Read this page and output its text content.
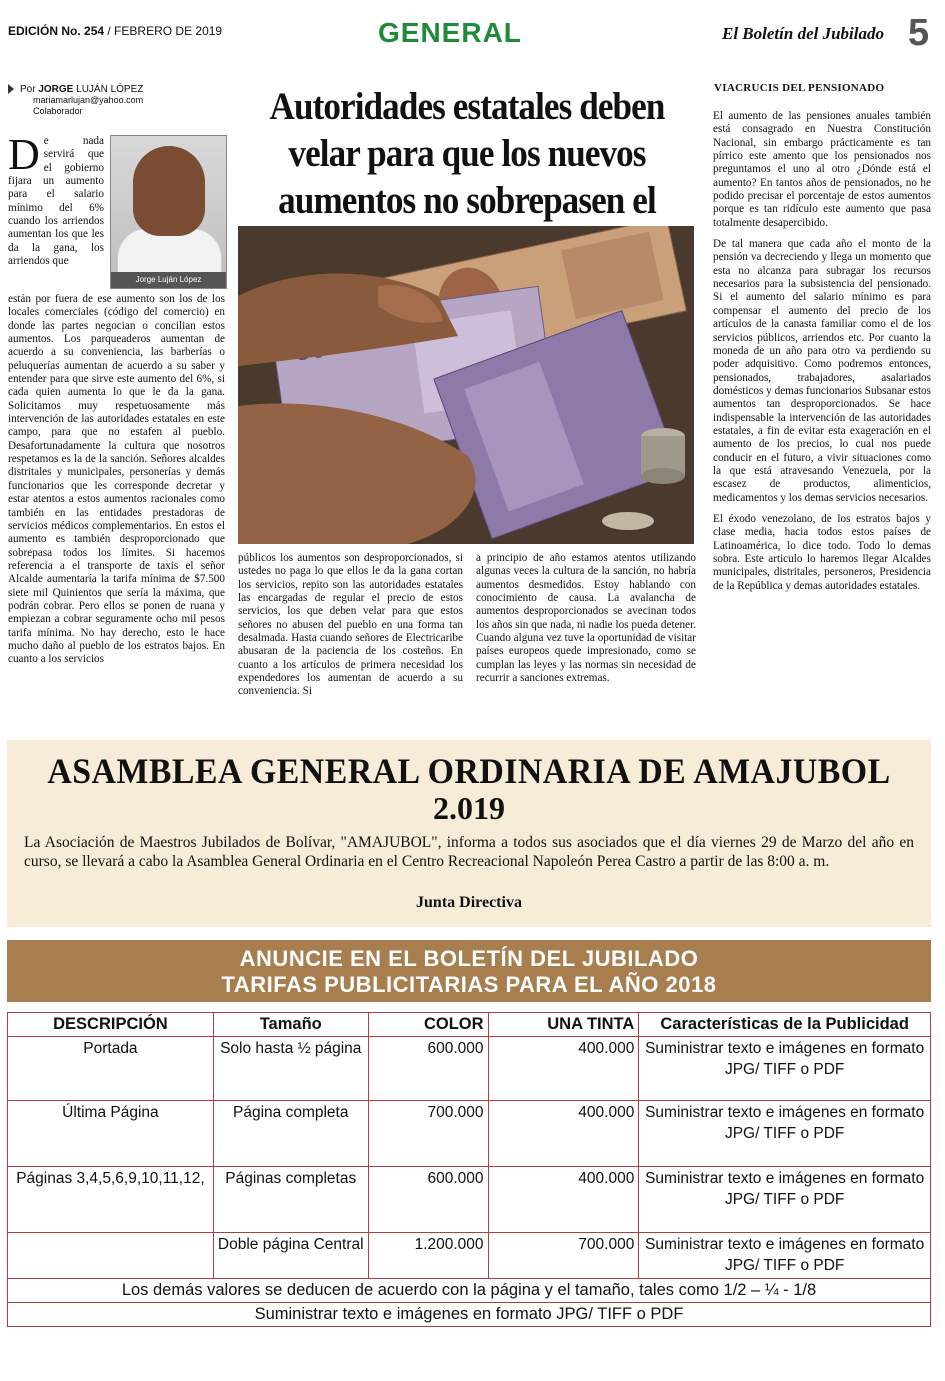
EDICIÓN No. 254 / FEBRERO DE 2019	GENERAL	El Boletín del Jubilado 5
Por JORGE LUJÁN LÓPEZ
mariamarlujan@yahoo.com
Colaborador
Jorge Luján López
De nada servirá que el gobierno fijara un aumento para el salario mínimo del 6% cuando los arriendos aumentan los que les da la gana, los arriendos que
están por fuera de ese aumento son los de los locales comerciales (código del comercio) en donde las partes negocian o concilian estos aumentos. Los parqueaderos aumentan de acuerdo a su conveniencia, las barberías o peluquerías aumentan de acuerdo a su saber y entender para que sirve este aumento del 6%, si cada quien aumenta lo que le da la gana. Solicitamos muy respetuosamente más intervención de las autoridades estatales en este campo, para que no estafen al pueblo. Desafortunadamente la cultura que nosotros respetamos es la de la sanción. Señores alcaldes distritales y municipales, personerías y demás funcionarios que les corresponde decretar y estar atentos a estos aumentos racionales como también en las entidades prestadoras de servicios médicos complementarios. En estos el aumento es también desproporcionado que sobrepasa todos los límites. Si hacemos referencia a el transporte de taxis el señor Alcalde aumentaría la tarifa mínima de $7.500 siete mil Quinientos que sería la máxima, que podrán cobrar. Pero ellos se ponen de ruana y empiezan a cobrar seguramente ocho mil pesos tarifa mínima. No hay derecho, esto le hace mucho daño al pueblo de los estratos bajos. En cuanto a los servicios
Autoridades estatales deben velar para que los nuevos aumentos no sobrepasen el
públicos los aumentos son desproporcionados, si ustedes no paga lo que ellos le da la gana cortan los servicios, repito son las autoridades estatales las encargadas de regular el precio de estos servicios, los que deben velar para que estos señores no abusen del pueblo en una forma tan desalmada. Hasta cuando señores de Electricaribe abusaran de la paciencia de los costeños. En cuanto a los artículos de primera necesidad los expendedores los aumentan de acuerdo a su conveniencia. Si
a principio de año estamos atentos utilizando algunas veces la cultura de la sanción, no habría aumentos desmedidos. Estoy hablando con conocimiento de causa. La avalancha de aumentos desproporcionados se avecinan todos los años sin que nada, ni nadie los pueda detener. Cuando alguna vez tuve la oportunidad de visitar países europeos quede impresionado, como se cumplan las leyes y las normas sin necesidad de recurrir a sanciones extremas.
VIACRUCIS DEL PENSIONADO

El aumento de las pensiones anuales también está consagrado en Nuestra Constitución Nacional, sin embargo prácticamente es tan pírrico este amento que los pensionados nos preguntamos el uno al otro ¿Dónde está el aumento? En tantos años de pensionados, no he podido precisar el porcentaje de estos aumentos porque es tan ridículo este aumento que pasa totalmente desapercibido.

De tal manera que cada año el monto de la pensión va decreciendo y llega un momento que esta no alcanza para subragar los recursos necesarios para la subsistencia del pensionado. Si el aumento del salario mínimo es para compensar el aumento del precio de los artículos de la canasta familiar como el de los servicios públicos, arriendos etc. Por cuanto la moneda de un año para otro va perdiendo su poder adquisitivo. Como podremos entonces, pensionados, trabajadores, asalariados domésticos y demas funcionarios Subsanar estos aumentos tan desproporcionados. Se hace indispensable la intervención de las autoridades estatales, a fin de evitar esta exageración en el aumento de los precios, lo cual nos puede conducir en el futuro, a vivir situaciones como la que está atravesando Venezuela, por la escasez de productos, alimenticios, medicamentos y los demas servicios necesarios.

El éxodo venezolano, de los estratos bajos y clase media, hacia todos estos países de Latinoamérica, lo dice todo. Todo lo demas sobra. Este articulo lo haremos llegar Alcaldes municipales, distritales, personeros, Presidencia de la República y demas autoridades estatales.

ASAMBLEA GENERAL ORDINARIA DE AMAJUBOL
2.019
La Asociación de Maestros Jubilados de Bolívar, "AMAJUBOL", informa a todos sus asociados que el día viernes 29 de Marzo del año en curso, se llevará a cabo la Asamblea General Ordinaria en el Centro Recreacional Napoleón Perea Castro a partir de las 8:00 a. m.
Junta Directiva
ANUNCIE EN EL BOLETÍN DEL JUBILADO
TARIFAS PUBLICITARIAS PARA EL AÑO 2018
DESCRIPCIÓN	Tamaño	COLOR	UNA TINTA	Características de la Publicidad
Portada	Solo hasta ½ página	600.000	400.000	Suministrar texto e imágenes en formato JPG/ TIFF o PDF
Última Página	Página completa	700.000	400.000	Suministrar texto e imágenes en formato JPG/ TIFF o PDF
Páginas 3,4,5,6,9,10,11,12,	Páginas completas	600.000	400.000	Suministrar texto e imágenes en formato JPG/ TIFF o PDF
	Doble página Central	1.200.000	700.000	Suministrar texto e imágenes en formato JPG/ TIFF o PDF
Los demás valores se deducen de acuerdo con la página y el tamaño, tales como 1/2 – ¼ - 1/8				
Suministrar texto e imágenes en formato JPG/ TIFF o PDF				
